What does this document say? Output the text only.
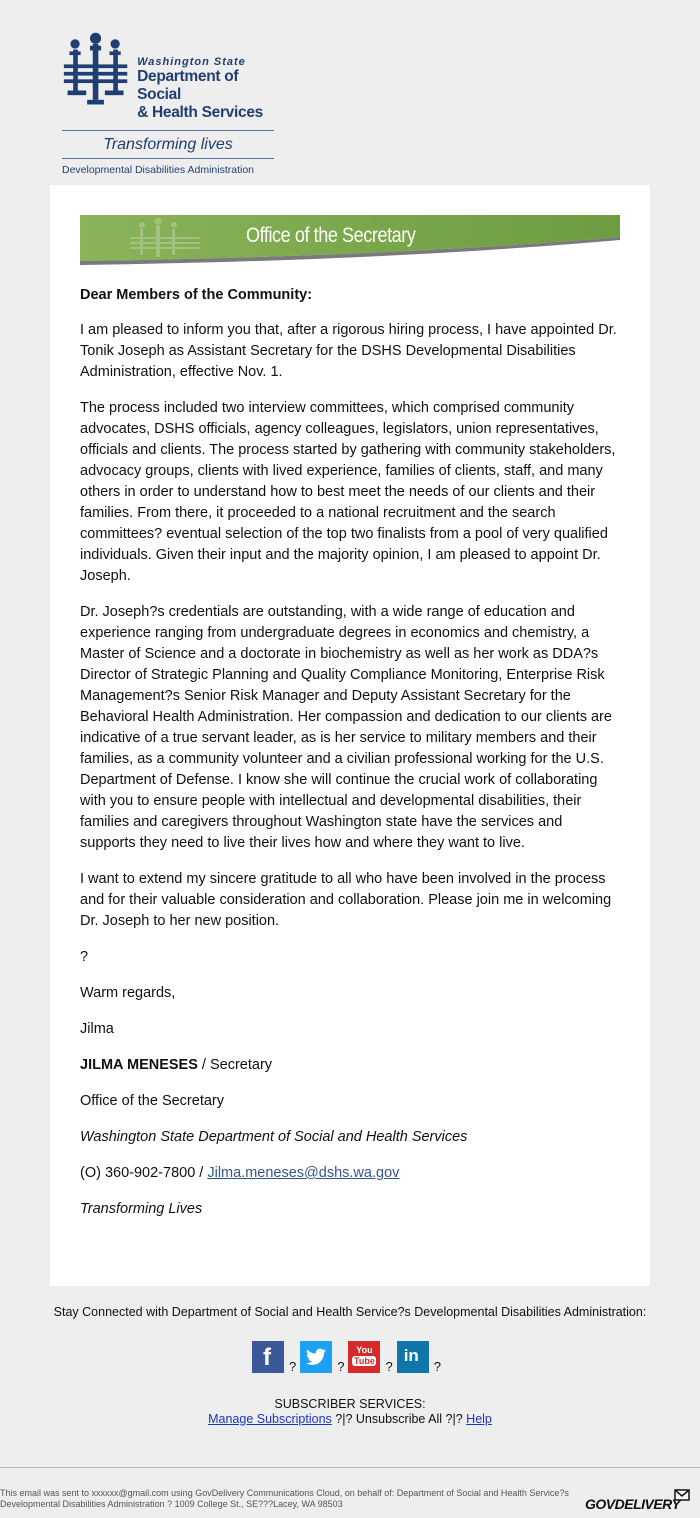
Washington State
Department of Social
& Health Services
Transforming lives
Developmental Disabilities Administration
Office of the Secretary

Dear Members of the Community:

I am pleased to inform you that, after a rigorous hiring process, I have appointed Dr. Tonik Joseph as Assistant Secretary for the DSHS Developmental Disabilities Administration, effective Nov. 1.

The process included two interview committees, which comprised community advocates, DSHS officials, agency colleagues, legislators, union representatives, officials and clients. The process started by gathering with community stakeholders, advocacy groups, clients with lived experience, families of clients, staff, and many others in order to understand how to best meet the needs of our clients and their families. From there, it proceeded to a national recruitment and the search committees? eventual selection of the top two finalists from a pool of very qualified individuals. Given their input and the majority opinion, I am pleased to appoint Dr. Joseph.

Dr. Joseph?s credentials are outstanding, with a wide range of education and experience ranging from undergraduate degrees in economics and chemistry, a Master of Science and a doctorate in biochemistry as well as her work as DDA?s Director of Strategic Planning and Quality Compliance Monitoring, Enterprise Risk Management?s Senior Risk Manager and Deputy Assistant Secretary for the Behavioral Health Administration. Her compassion and dedication to our clients are indicative of a true servant leader, as is her service to military members and their families, as a community volunteer and a civilian professional working for the U.S. Department of Defense. I know she will continue the crucial work of collaborating with you to ensure people with intellectual and developmental disabilities, their families and caregivers throughout Washington state have the services and supports they need to live their lives how and where they want to live.

I want to extend my sincere gratitude to all who have been involved in the process and for their valuable consideration and collaboration. Please join me in welcoming Dr. Joseph to her new position.

?

Warm regards,

Jilma

JILMA MENESES / Secretary

Office of the Secretary

Washington State Department of Social and Health Services

(O) 360-902-7800 / Jilma.meneses@dshs.wa.gov

Transforming Lives

Stay Connected with Department of Social and Health Service?s Developmental Disabilities Administration:
f ?	?
You
Tube ?
in
?
SUBSCRIBER SERVICES:
Manage Subscriptions ?|? Unsubscribe All ?|? Help
This email was sent to xxxxxx@gmail.com using GovDelivery Communications Cloud, on behalf of: Department of Social and Health Service?s Developmental Disabilities Administration ? 1009 College St., SE???Lacey, WA 98503	GOVDELIVERY
